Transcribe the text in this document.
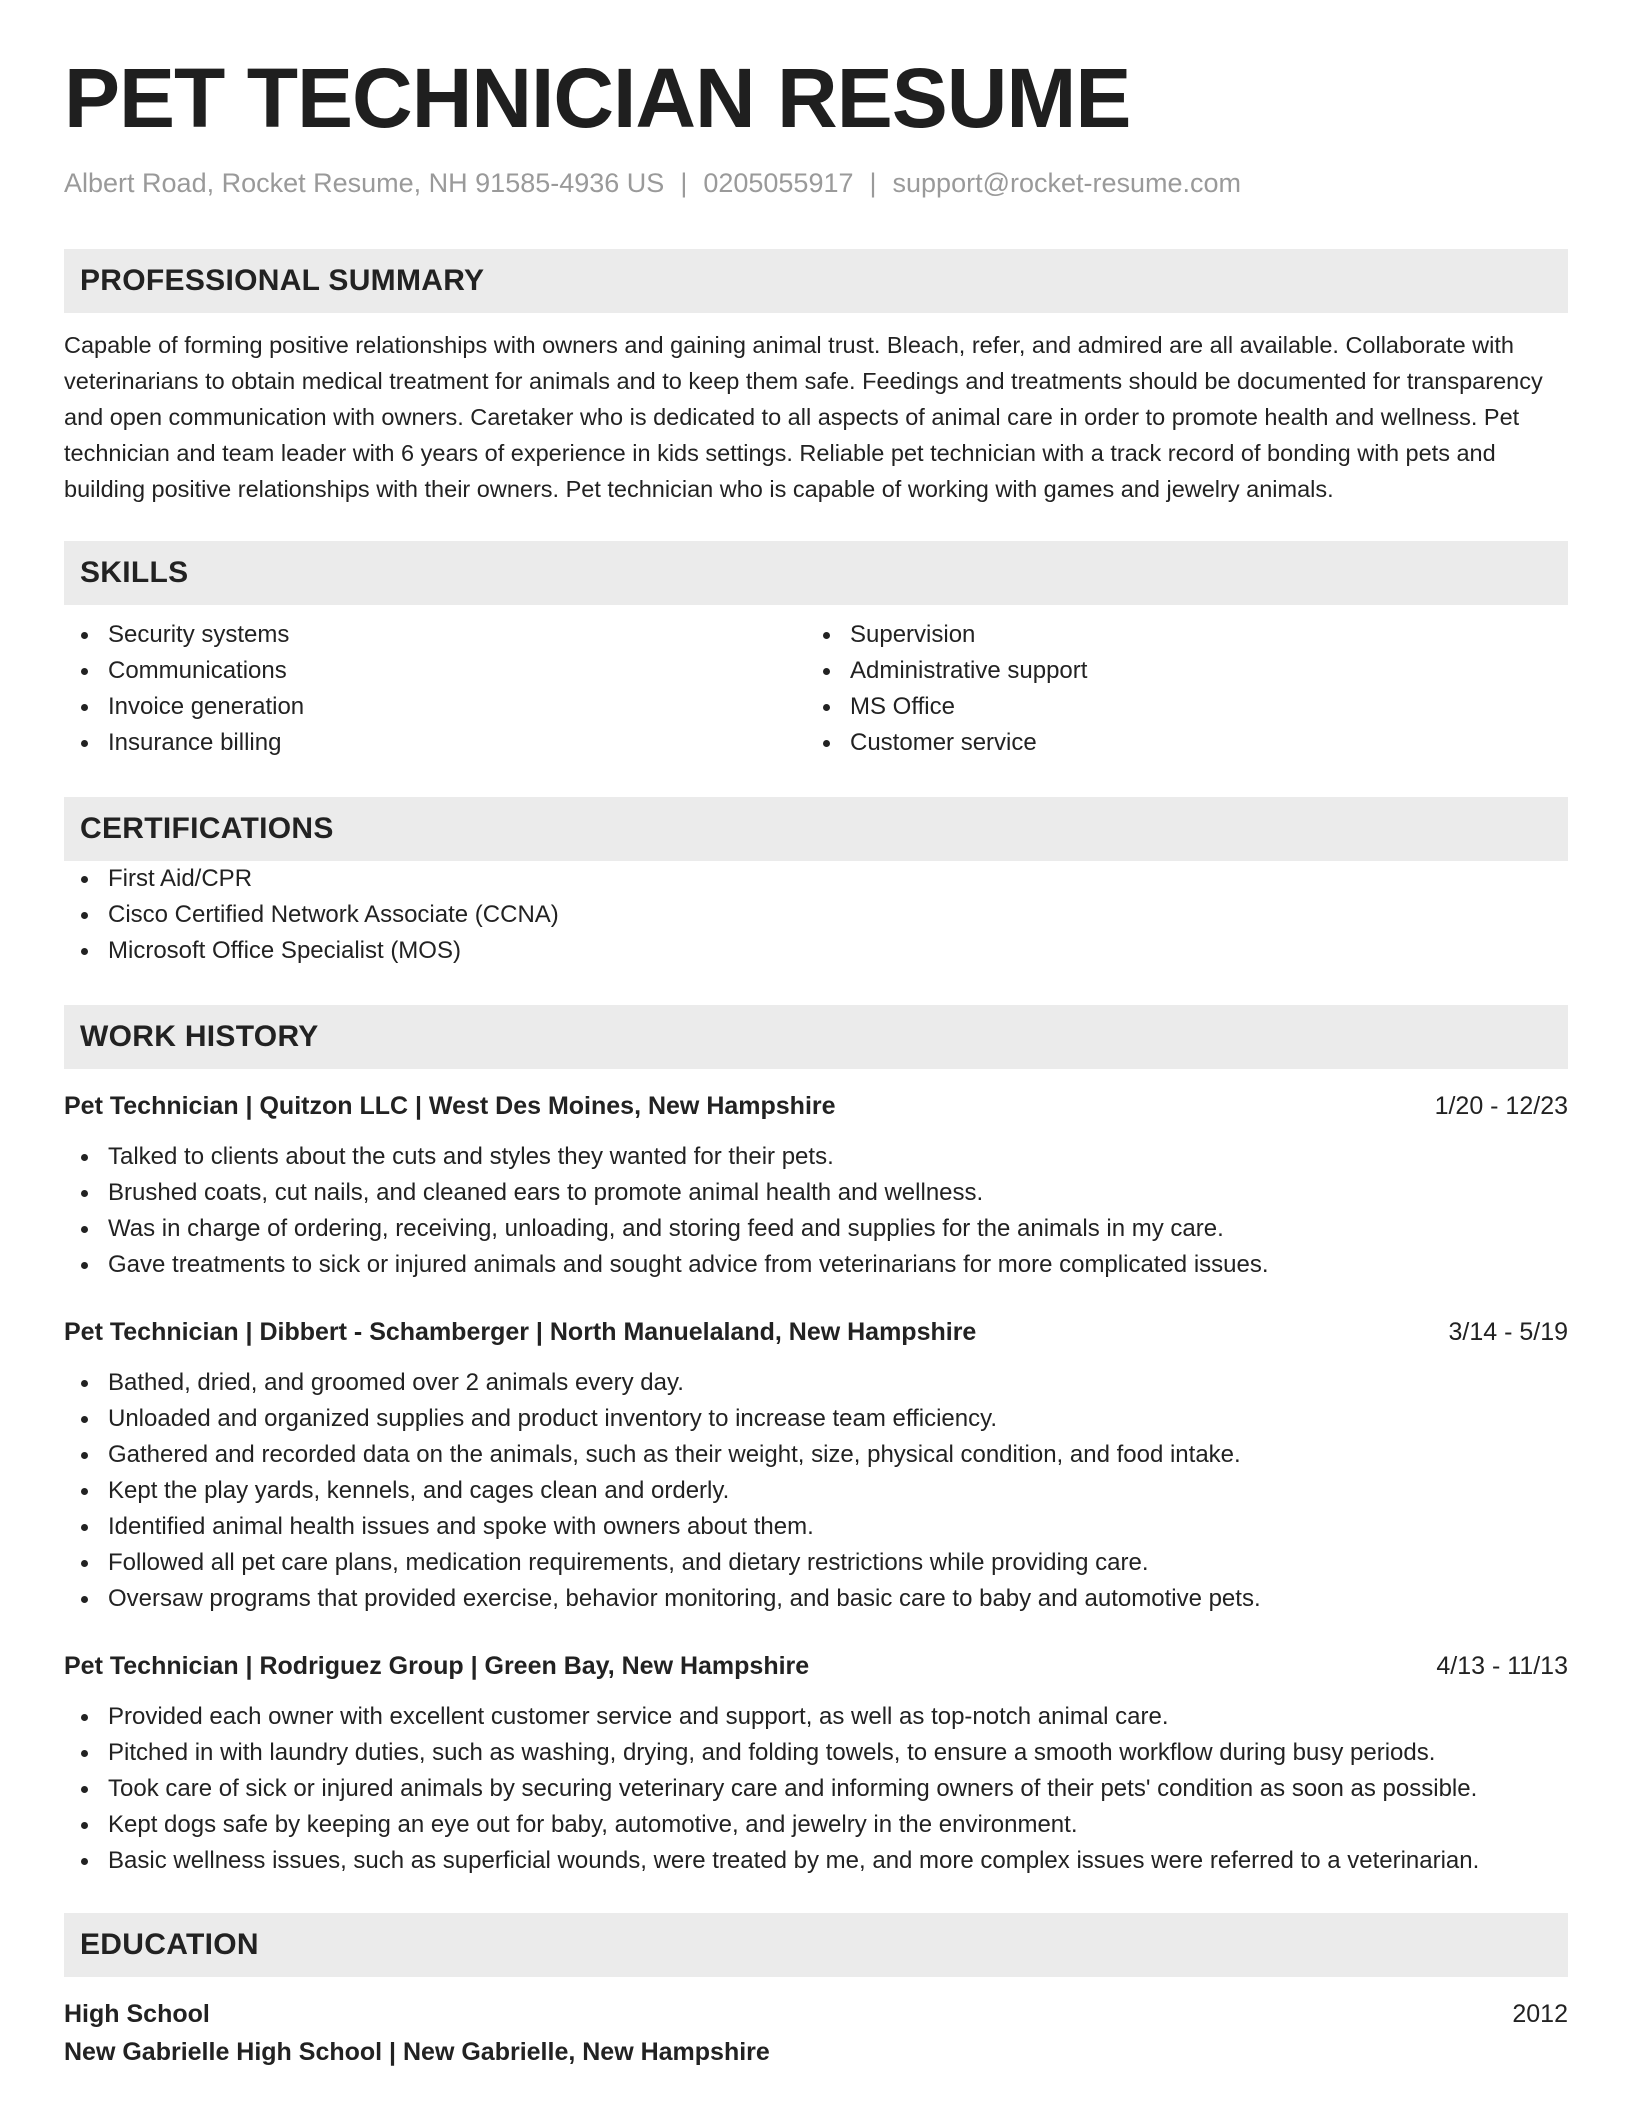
PET TECHNICIAN RESUME
Albert Road, Rocket Resume, NH 91585-4936 US | 0205055917 | support@rocket-resume.com
PROFESSIONAL SUMMARY
Capable of forming positive relationships with owners and gaining animal trust. Bleach, refer, and admired are all available. Collaborate with veterinarians to obtain medical treatment for animals and to keep them safe. Feedings and treatments should be documented for transparency and open communication with owners. Caretaker who is dedicated to all aspects of animal care in order to promote health and wellness. Pet technician and team leader with 6 years of experience in kids settings. Reliable pet technician with a track record of bonding with pets and building positive relationships with their owners. Pet technician who is capable of working with games and jewelry animals.
SKILLS
Security systems
Communications
Invoice generation
Insurance billing
Supervision
Administrative support
MS Office
Customer service
CERTIFICATIONS
First Aid/CPR
Cisco Certified Network Associate (CCNA)
Microsoft Office Specialist (MOS)
WORK HISTORY
Pet Technician | Quitzon LLC | West Des Moines, New Hampshire	1/20 - 12/23
Talked to clients about the cuts and styles they wanted for their pets.
Brushed coats, cut nails, and cleaned ears to promote animal health and wellness.
Was in charge of ordering, receiving, unloading, and storing feed and supplies for the animals in my care.
Gave treatments to sick or injured animals and sought advice from veterinarians for more complicated issues.
Pet Technician | Dibbert - Schamberger | North Manuelaland, New Hampshire	3/14 - 5/19
Bathed, dried, and groomed over 2 animals every day.
Unloaded and organized supplies and product inventory to increase team efficiency.
Gathered and recorded data on the animals, such as their weight, size, physical condition, and food intake.
Kept the play yards, kennels, and cages clean and orderly.
Identified animal health issues and spoke with owners about them.
Followed all pet care plans, medication requirements, and dietary restrictions while providing care.
Oversaw programs that provided exercise, behavior monitoring, and basic care to baby and automotive pets.
Pet Technician | Rodriguez Group | Green Bay, New Hampshire	4/13 - 11/13
Provided each owner with excellent customer service and support, as well as top-notch animal care.
Pitched in with laundry duties, such as washing, drying, and folding towels, to ensure a smooth workflow during busy periods.
Took care of sick or injured animals by securing veterinary care and informing owners of their pets' condition as soon as possible.
Kept dogs safe by keeping an eye out for baby, automotive, and jewelry in the environment.
Basic wellness issues, such as superficial wounds, were treated by me, and more complex issues were referred to a veterinarian.
EDUCATION
High School	2012
New Gabrielle High School | New Gabrielle, New Hampshire
